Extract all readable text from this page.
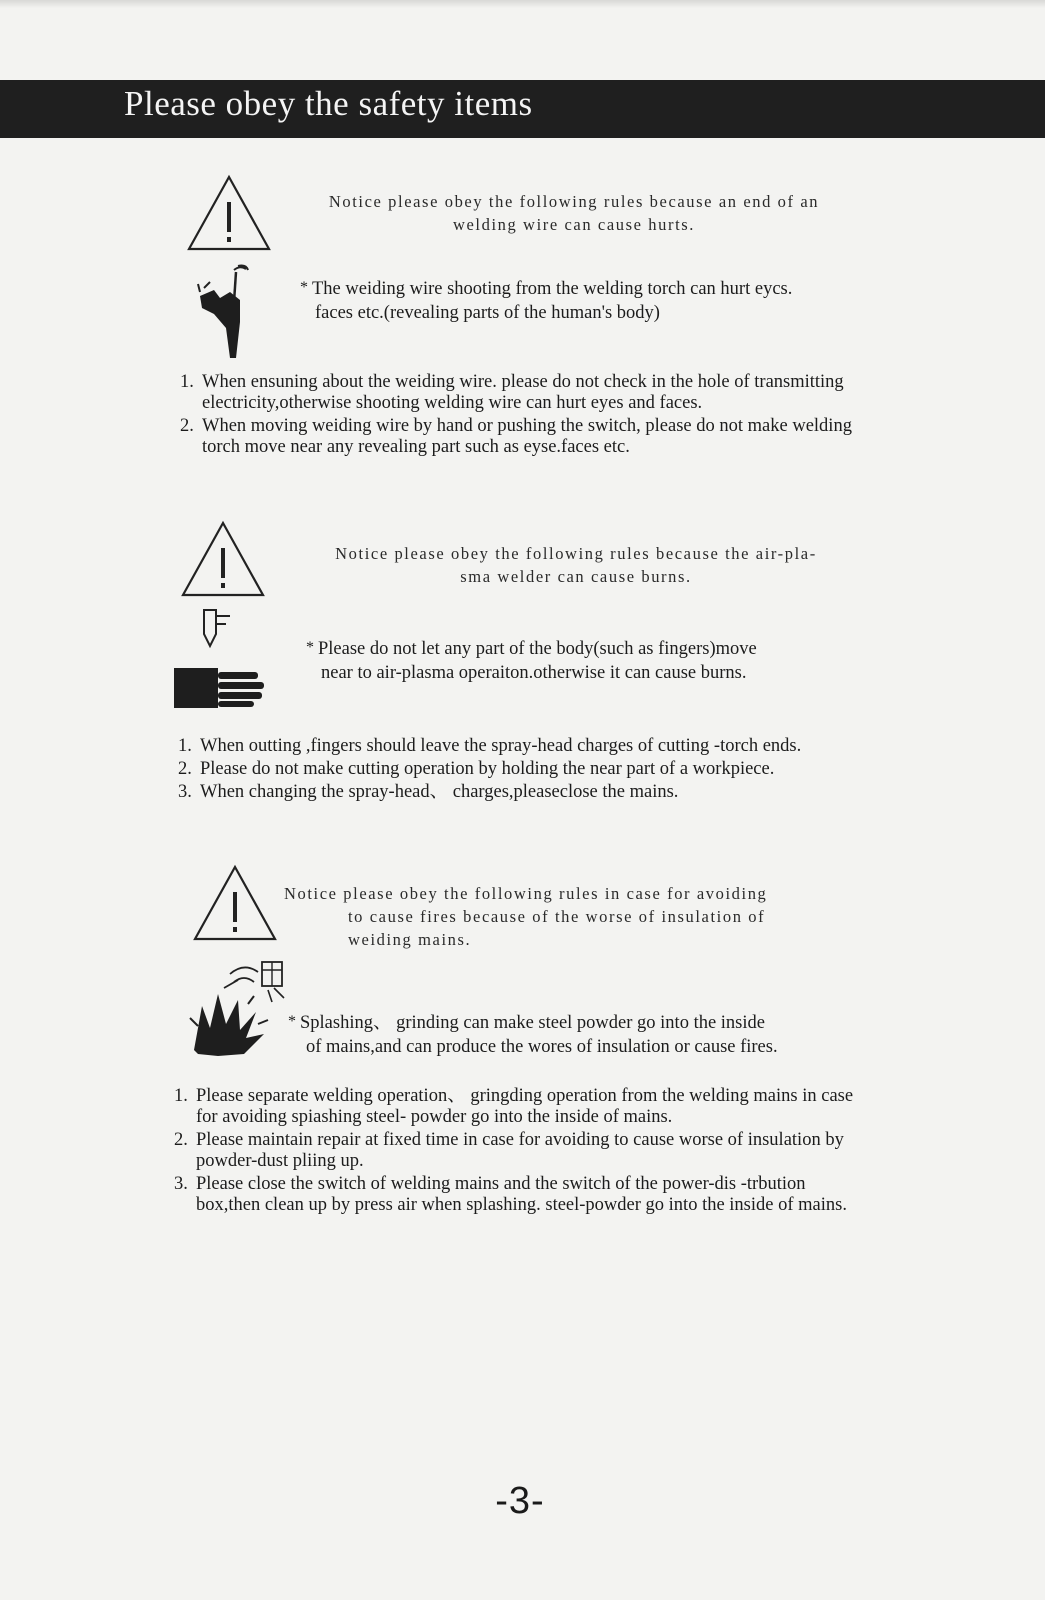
Please obey the safety items
Notice please obey the following rules because an end of an
welding wire can cause hurts.
* The weiding wire shooting from the welding torch can hurt eycs.
faces etc.(revealing parts of the human's body)
1. When ensuning about the weiding wire. please do not check in the hole of transmitting electricity,otherwise shooting welding wire can hurt eyes and faces.
2. When moving weiding wire by hand or pushing the switch, please do not make welding torch move near any revealing part such as eyse.faces etc.
Notice please obey the following rules because the air-pla-
sma welder can cause burns.
* Please do not let any part of the body(such as fingers)move
near to air-plasma operaiton.otherwise it can cause burns.
1. When outting ,fingers should leave the spray-head charges of cutting -torch ends.
2. Please do not make cutting operation by holding the near part of a workpiece.
3. When changing the spray-head、 charges,pleaseclose the mains.
Notice please obey the following rules in case for avoiding
to cause fires because of the worse of insulation of
weiding mains.
* Splashing、 grinding can make steel powder go into the inside
of mains,and can produce the wores of insulation or cause fires.
1. Please separate welding operation、 gringding operation from the welding mains in case for avoiding spiashing steel- powder go into the inside of mains.
2. Please maintain repair at fixed time in case for avoiding to cause worse of insulation by powder-dust pliing up.
3. Please close the switch of welding mains and the switch of the power-dis -trbution box,then clean up by press air when splashing. steel-powder go into the inside of mains.
-3-
